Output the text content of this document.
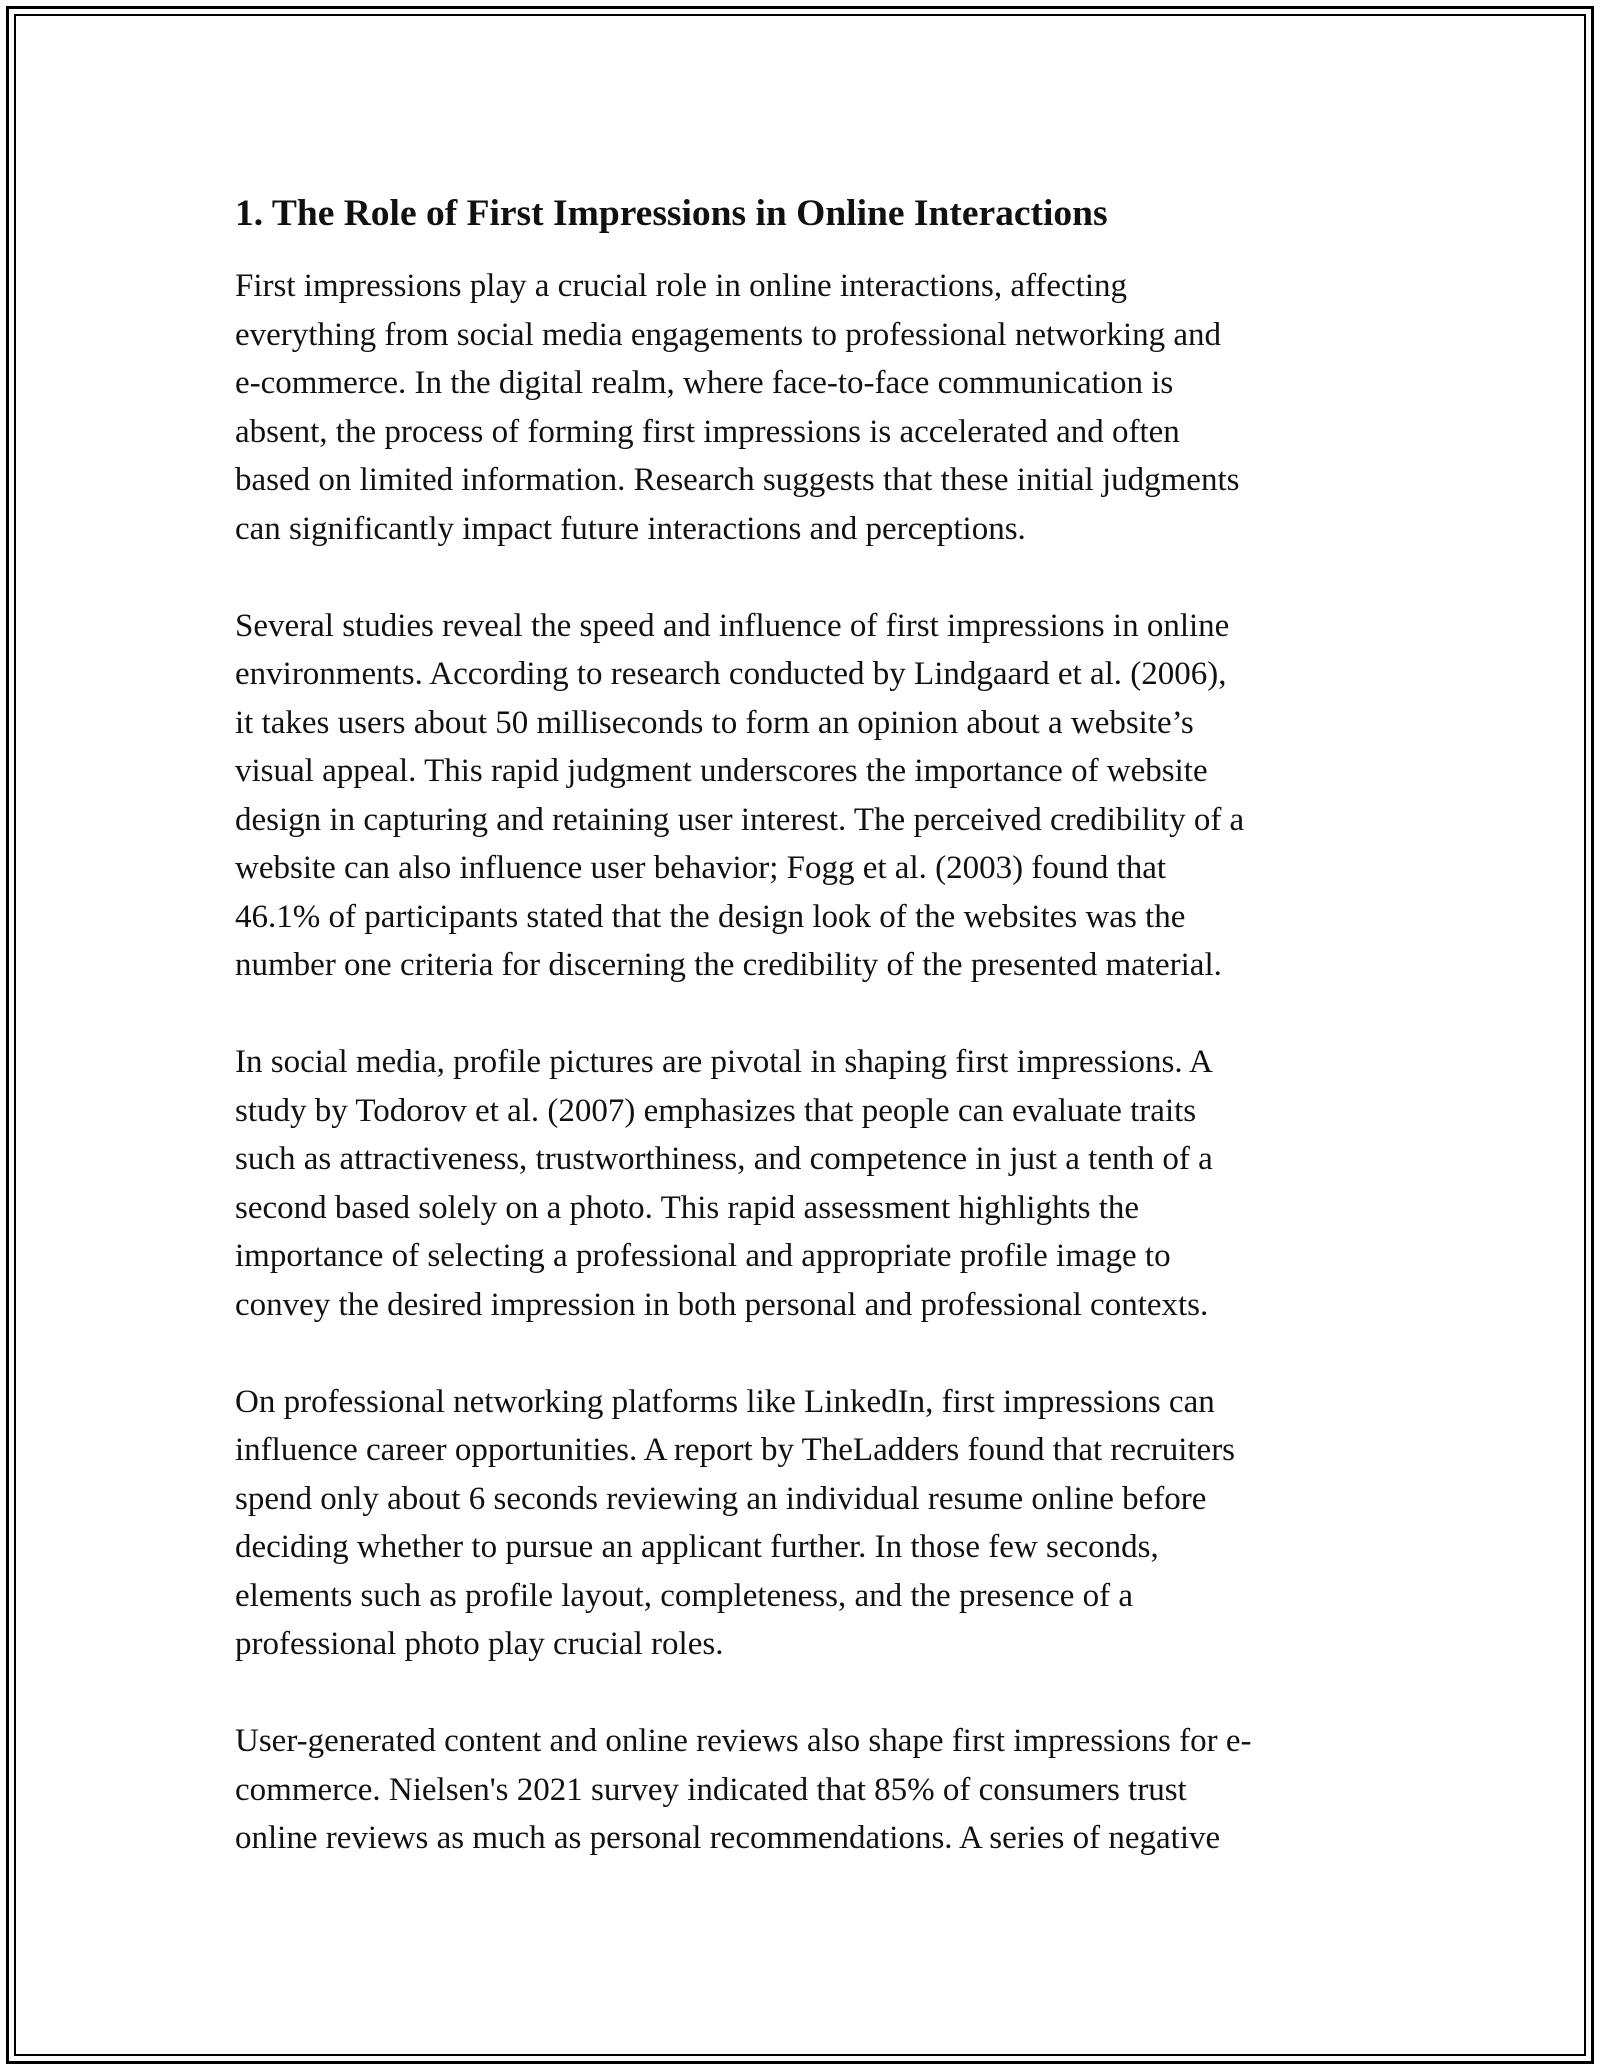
1. The Role of First Impressions in Online Interactions

First impressions play a crucial role in online interactions, affecting
everything from social media engagements to professional networking and
e-commerce. In the digital realm, where face-to-face communication is
absent, the process of forming first impressions is accelerated and often
based on limited information. Research suggests that these initial judgments
can significantly impact future interactions and perceptions.

Several studies reveal the speed and influence of first impressions in online
environments. According to research conducted by Lindgaard et al. (2006),
it takes users about 50 milliseconds to form an opinion about a website’s
visual appeal. This rapid judgment underscores the importance of website
design in capturing and retaining user interest. The perceived credibility of a
website can also influence user behavior; Fogg et al. (2003) found that
46.1% of participants stated that the design look of the websites was the
number one criteria for discerning the credibility of the presented material.

In social media, profile pictures are pivotal in shaping first impressions. A
study by Todorov et al. (2007) emphasizes that people can evaluate traits
such as attractiveness, trustworthiness, and competence in just a tenth of a
second based solely on a photo. This rapid assessment highlights the
importance of selecting a professional and appropriate profile image to
convey the desired impression in both personal and professional contexts.

On professional networking platforms like LinkedIn, first impressions can
influence career opportunities. A report by TheLadders found that recruiters
spend only about 6 seconds reviewing an individual resume online before
deciding whether to pursue an applicant further. In those few seconds,
elements such as profile layout, completeness, and the presence of a
professional photo play crucial roles.

User-generated content and online reviews also shape first impressions for e-
commerce. Nielsen's 2021 survey indicated that 85% of consumers trust
online reviews as much as personal recommendations. A series of negative
